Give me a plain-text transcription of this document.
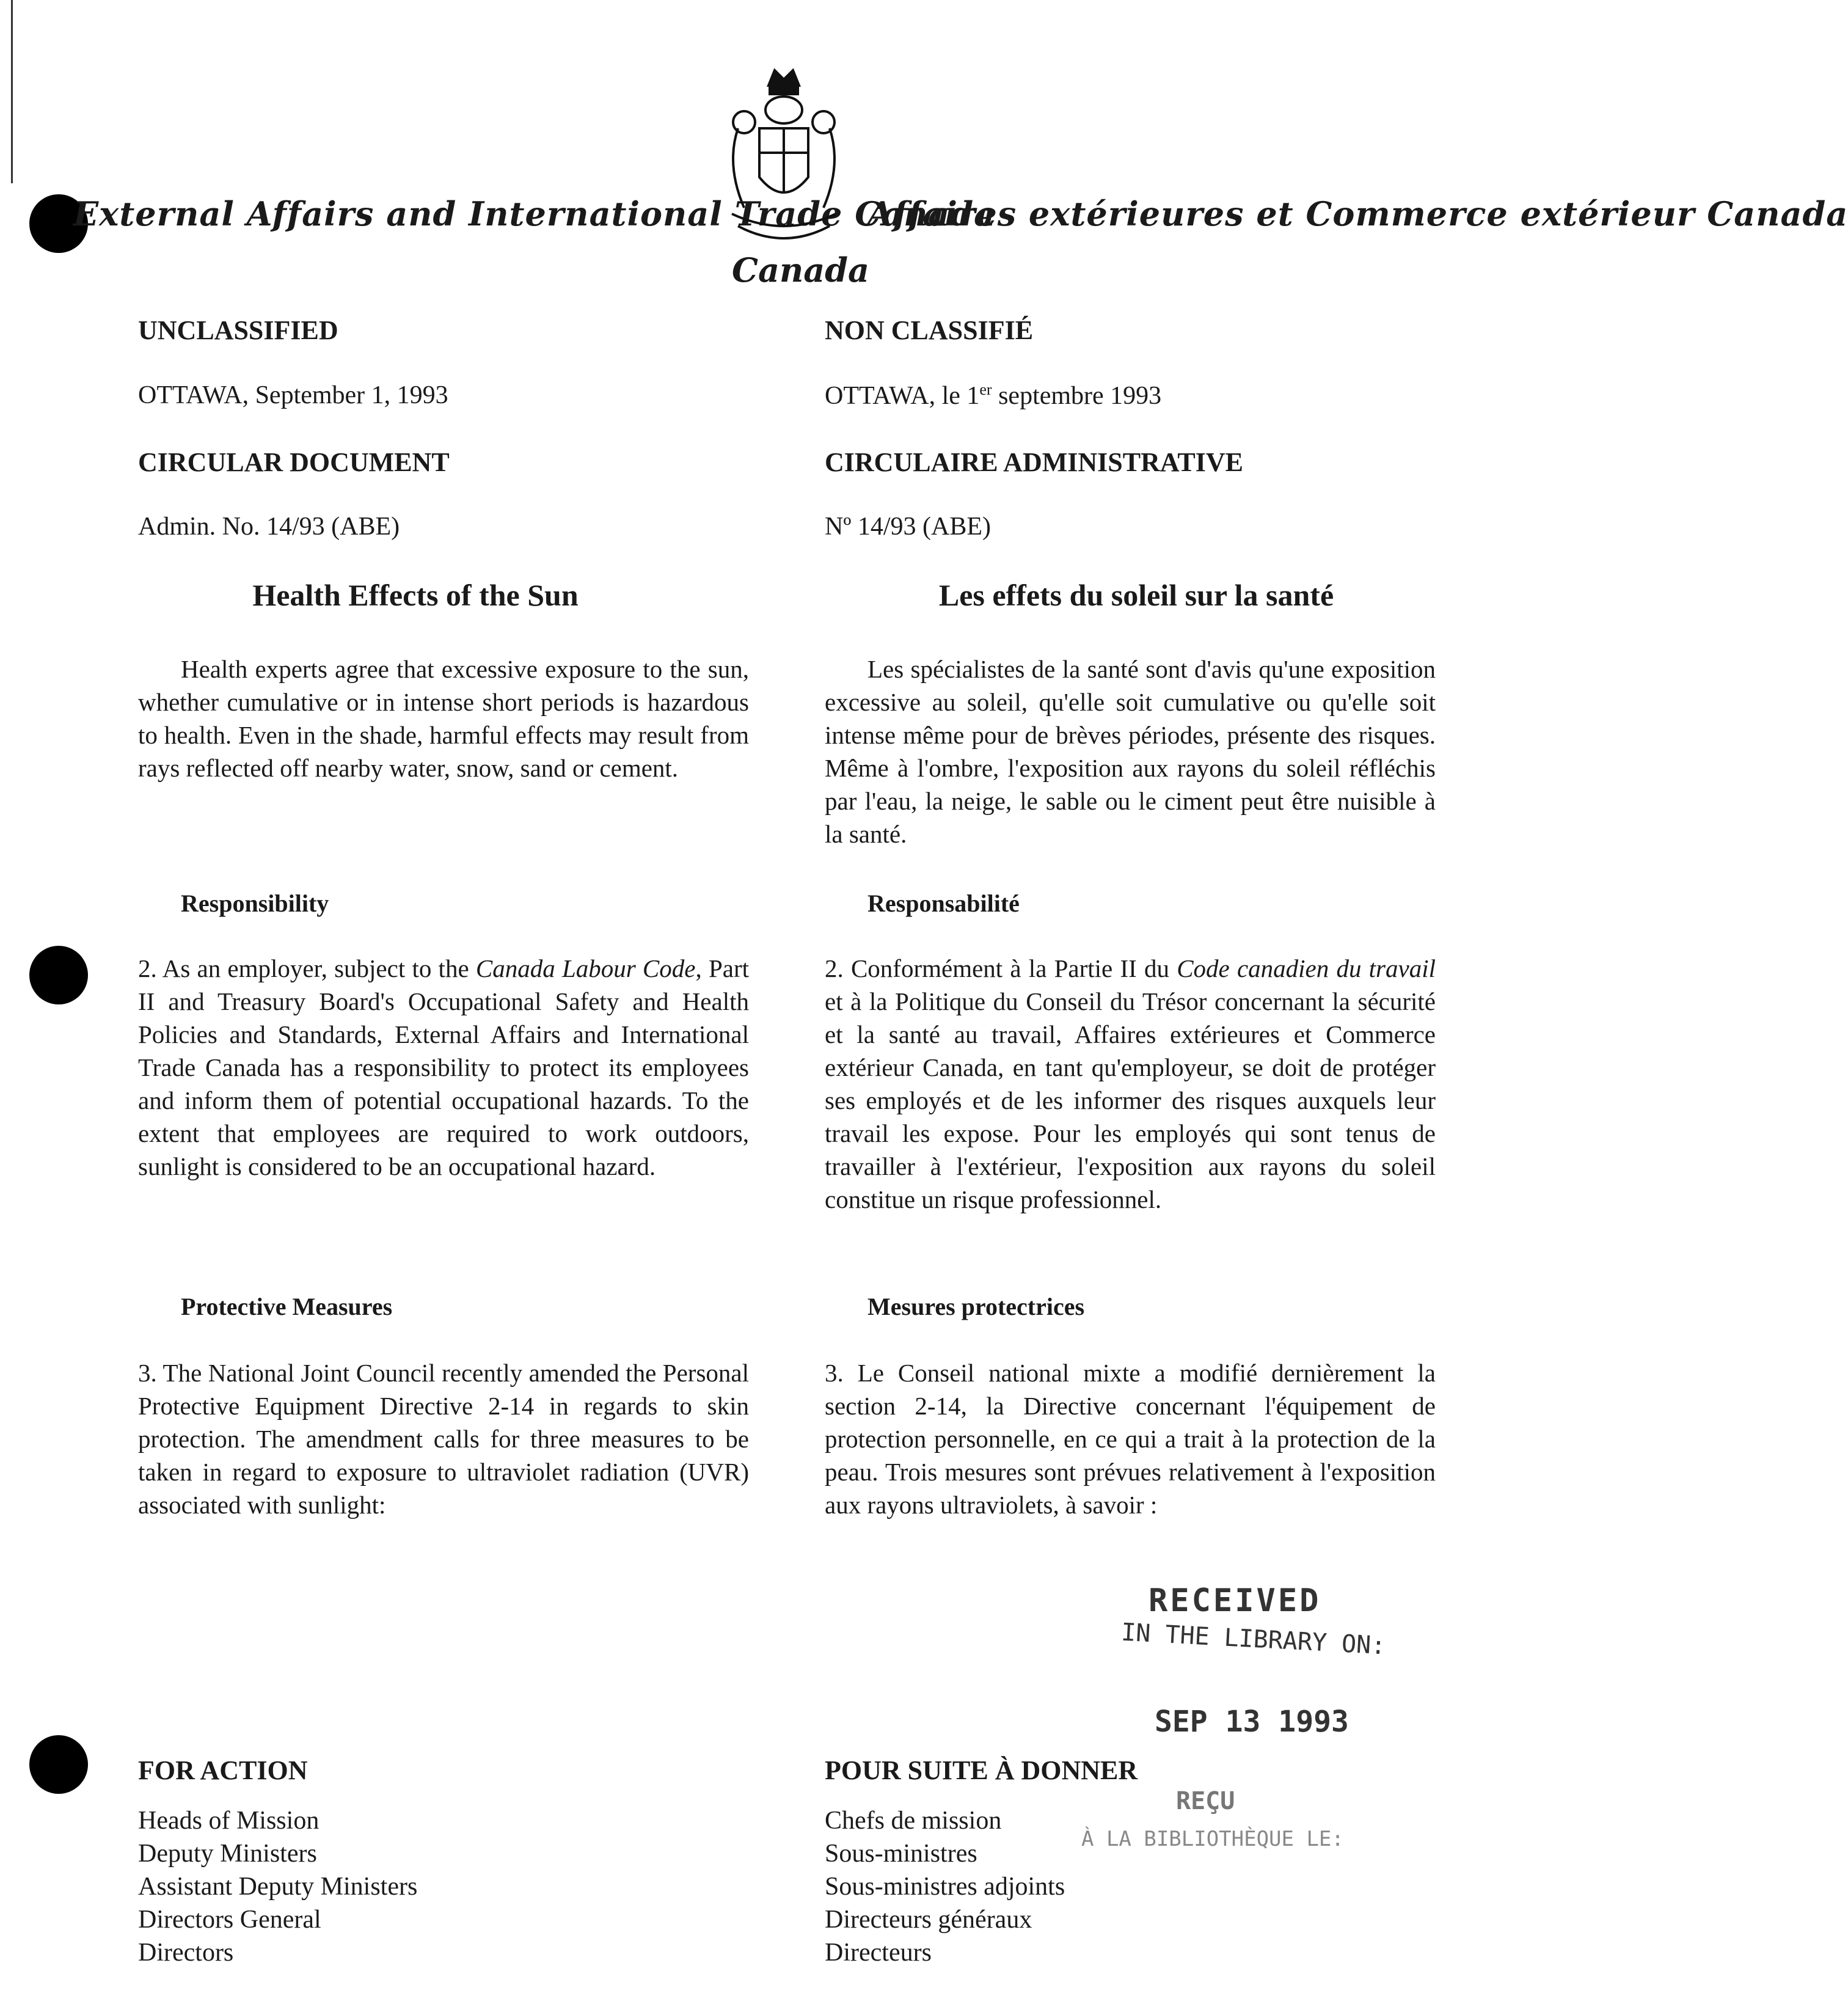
External Affairs and International Trade Canada
Affaires extérieures et Commerce extérieur Canada
Canada
UNCLASSIFIED
OTTAWA, September 1, 1993
CIRCULAR DOCUMENT
Admin. No. 14/93 (ABE)
Health Effects of the Sun

Health experts agree that excessive exposure to the sun, whether cumulative or in intense short periods is hazardous to health. Even in the shade, harmful effects may result from rays reflected off nearby water, snow, sand or cement.

Responsibility

2. As an employer, subject to the Canada Labour Code, Part II and Treasury Board's Occupational Safety and Health Policies and Standards, External Affairs and International Trade Canada has a responsibility to protect its employees and inform them of potential occupational hazards. To the extent that employees are required to work outdoors, sunlight is considered to be an occupational hazard.

Protective Measures

3. The National Joint Council recently amended the Personal Protective Equipment Directive 2-14 in regards to skin protection. The amendment calls for three measures to be taken in regard to exposure to ultraviolet radiation (UVR) associated with sunlight:

FOR ACTION
Heads of Mission
Deputy Ministers
Assistant Deputy Ministers
Directors General
Directors
NON CLASSIFIÉ
OTTAWA, le 1er septembre 1993
CIRCULAIRE ADMINISTRATIVE
Nº 14/93 (ABE)
Les effets du soleil sur la santé

Les spécialistes de la santé sont d'avis qu'une exposition excessive au soleil, qu'elle soit cumulative ou qu'elle soit intense même pour de brèves périodes, présente des risques. Même à l'ombre, l'exposition aux rayons du soleil réfléchis par l'eau, la neige, le sable ou le ciment peut être nuisible à la santé.

Responsabilité

2. Conformément à la Partie II du Code canadien du travail et à la Politique du Conseil du Trésor concernant la sécurité et la santé au travail, Affaires extérieures et Commerce extérieur Canada, en tant qu'employeur, se doit de protéger ses employés et de les informer des risques auxquels leur travail les expose. Pour les employés qui sont tenus de travailler à l'extérieur, l'exposition aux rayons du soleil constitue un risque professionnel.

Mesures protectrices

3. Le Conseil national mixte a modifié dernièrement la section 2-14, la Directive concernant l'équipement de protection personnelle, en ce qui a trait à la protection de la peau. Trois mesures sont prévues relativement à l'exposition aux rayons ultraviolets, à savoir :

POUR SUITE À DONNER
Chefs de mission
Sous-ministres
Sous-ministres adjoints
Directeurs généraux
Directeurs
RECEIVED
IN THE LIBRARY ON:
SEP 13 1993
REÇU
À LA BIBLIOTHÈQUE LE:
